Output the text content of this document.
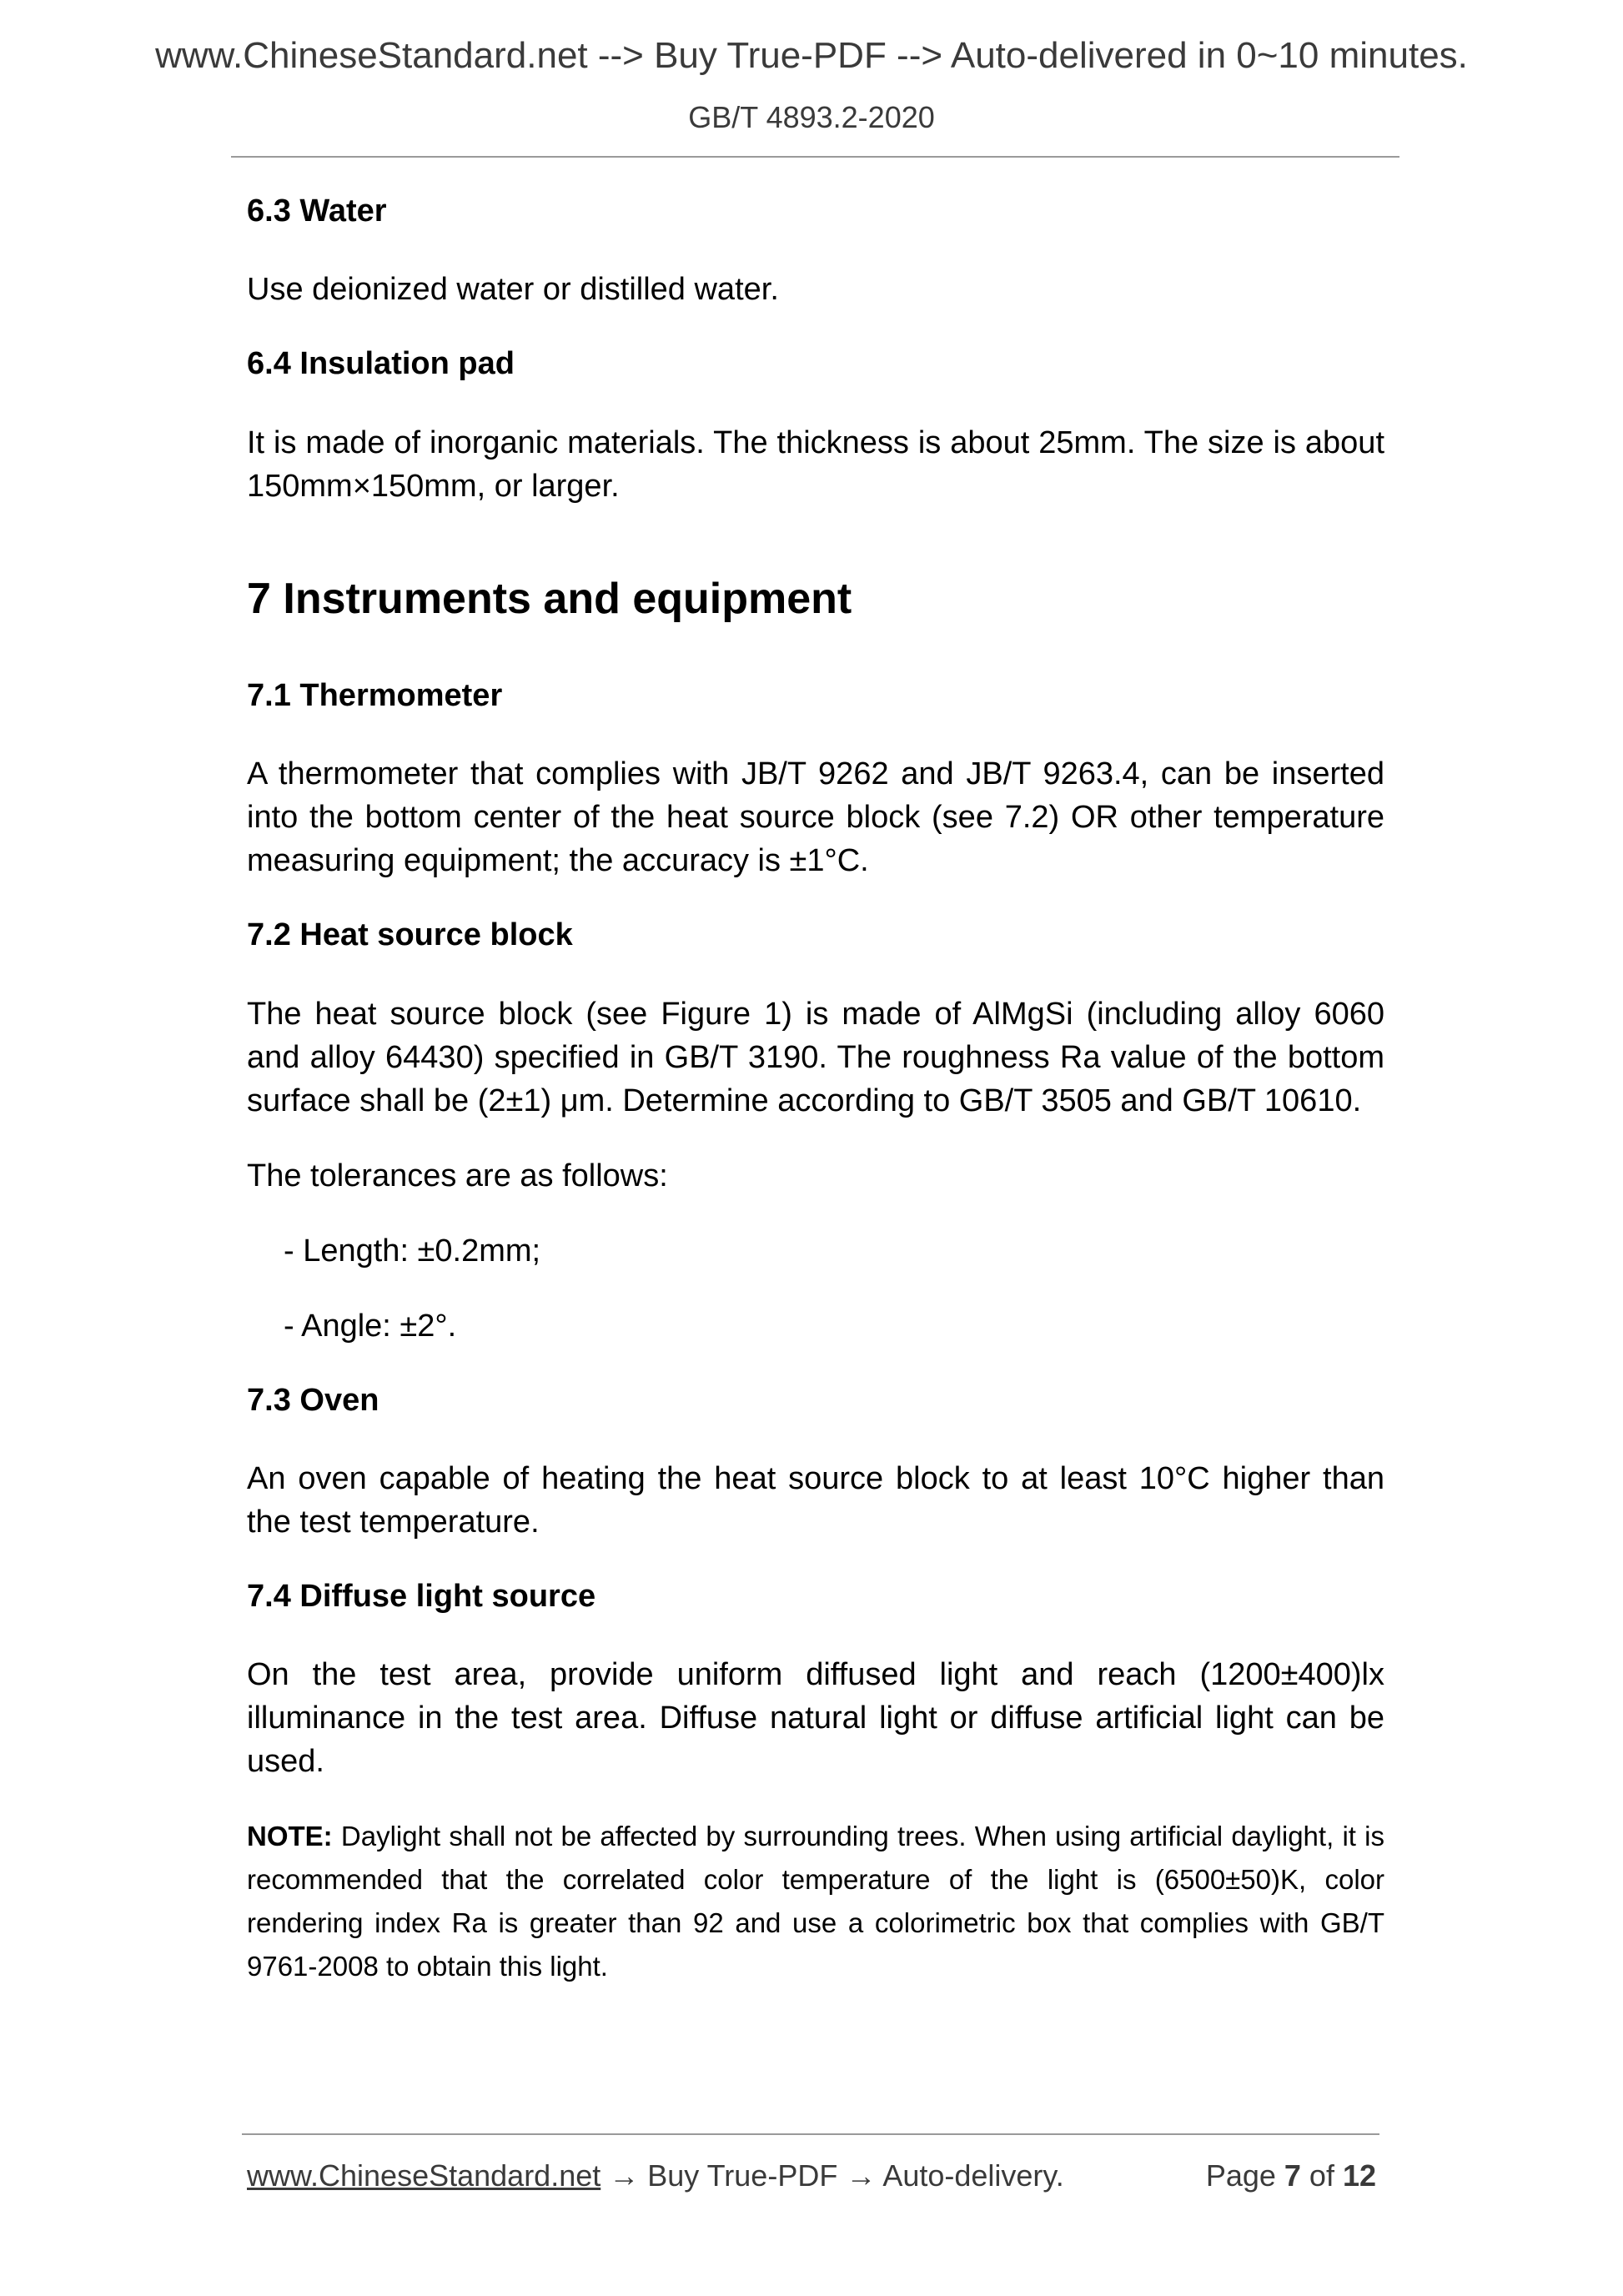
www.ChineseStandard.net --> Buy True-PDF --> Auto-delivered in 0~10 minutes.
GB/T 4893.2-2020
6.3 Water
Use deionized water or distilled water.
6.4 Insulation pad
It is made of inorganic materials. The thickness is about 25mm. The size is about 150mm×150mm, or larger.
7 Instruments and equipment
7.1 Thermometer
A thermometer that complies with JB/T 9262 and JB/T 9263.4, can be inserted into the bottom center of the heat source block (see 7.2) OR other temperature measuring equipment; the accuracy is ±1°C.
7.2 Heat source block
The heat source block (see Figure 1) is made of AlMgSi (including alloy 6060 and alloy 64430) specified in GB/T 3190. The roughness Ra value of the bottom surface shall be (2±1) μm. Determine according to GB/T 3505 and GB/T 10610.
The tolerances are as follows:
- Length: ±0.2mm;
- Angle: ±2°.
7.3 Oven
An oven capable of heating the heat source block to at least 10°C higher than the test temperature.
7.4 Diffuse light source
On the test area, provide uniform diffused light and reach (1200±400)lx illuminance in the test area. Diffuse natural light or diffuse artificial light can be used.
NOTE: Daylight shall not be affected by surrounding trees. When using artificial daylight, it is recommended that the correlated color temperature of the light is (6500±50)K, color rendering index Ra is greater than 92 and use a colorimetric box that complies with GB/T 9761-2008 to obtain this light.
www.ChineseStandard.net → Buy True-PDF → Auto-delivery.	Page 7 of 12
